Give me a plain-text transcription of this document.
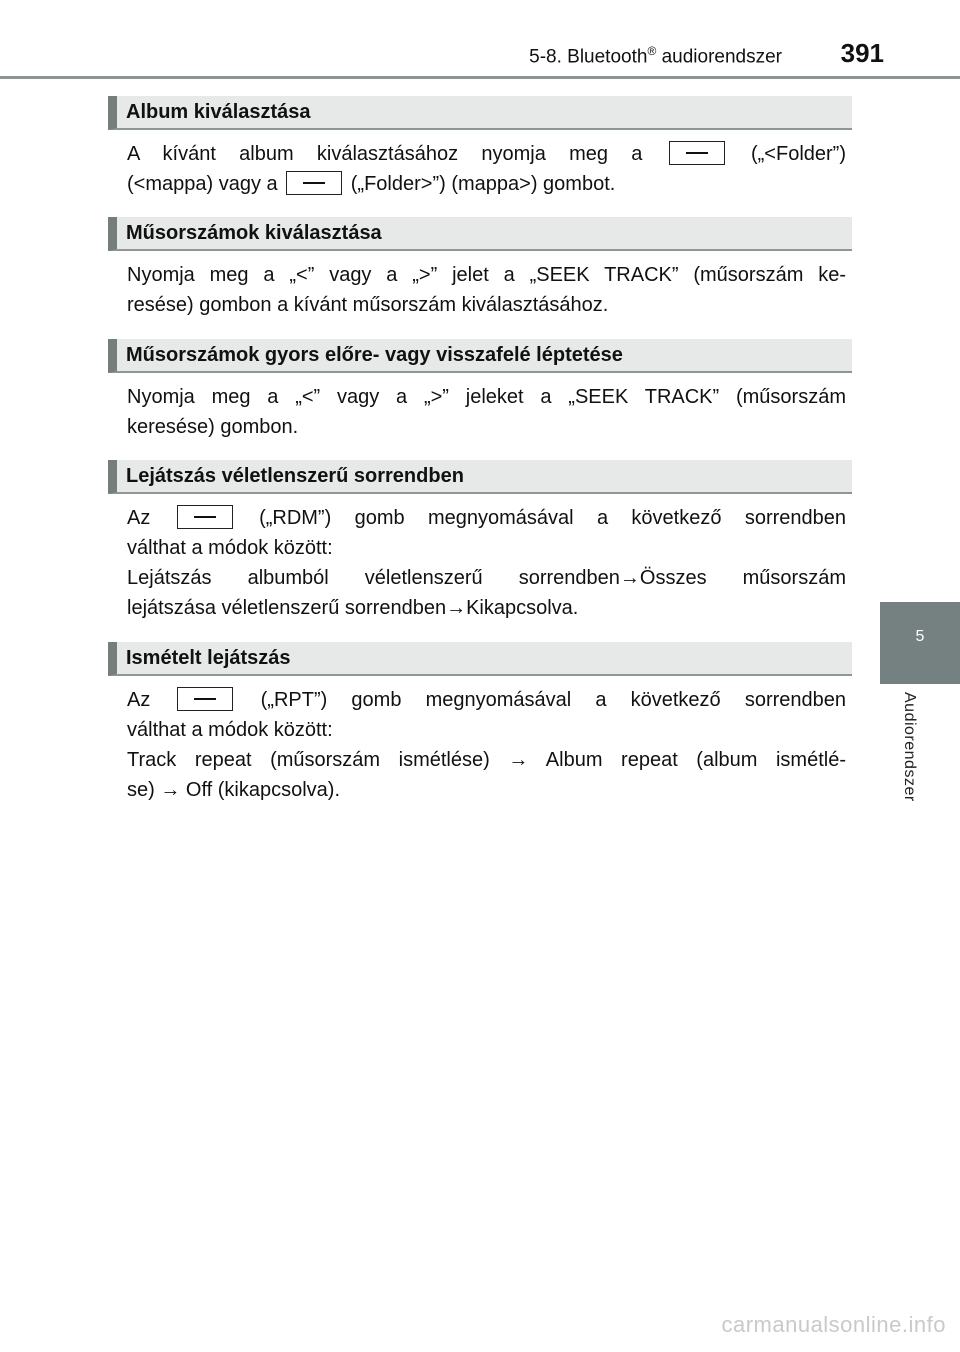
5-8. Bluetooth® audiorendszer 391
5
Audiorendszer
Album kiválasztása
A kívánt album kiválasztásához nyomja meg a	(„<Folder”)
(<mappa) vagy a	(„Folder>”) (mappa>) gombot.
Műsorszámok kiválasztása
Nyomja meg a „<” vagy a „>” jelet a „SEEK TRACK” (műsorszám ke-
resése) gombon a kívánt műsorszám kiválasztásához.
Műsorszámok gyors előre- vagy visszafelé léptetése
Nyomja meg a „<” vagy a „>” jeleket a „SEEK TRACK” (műsorszám
keresése) gombon.
Lejátszás véletlenszerű sorrendben
Az	(„RDM”) gomb megnyomásával a következő sorrendben
válthat a módok között:
Lejátszás albumból véletlenszerű sorrendben→Összes műsorszám
lejátszása véletlenszerű sorrendben→Kikapcsolva.
Ismételt lejátszás
Az	(„RPT”) gomb megnyomásával a következő sorrendben
válthat a módok között:
Track repeat (műsorszám ismétlése) → Album repeat (album ismétlé-
se) → Off (kikapcsolva).
carmanualsonline.info
